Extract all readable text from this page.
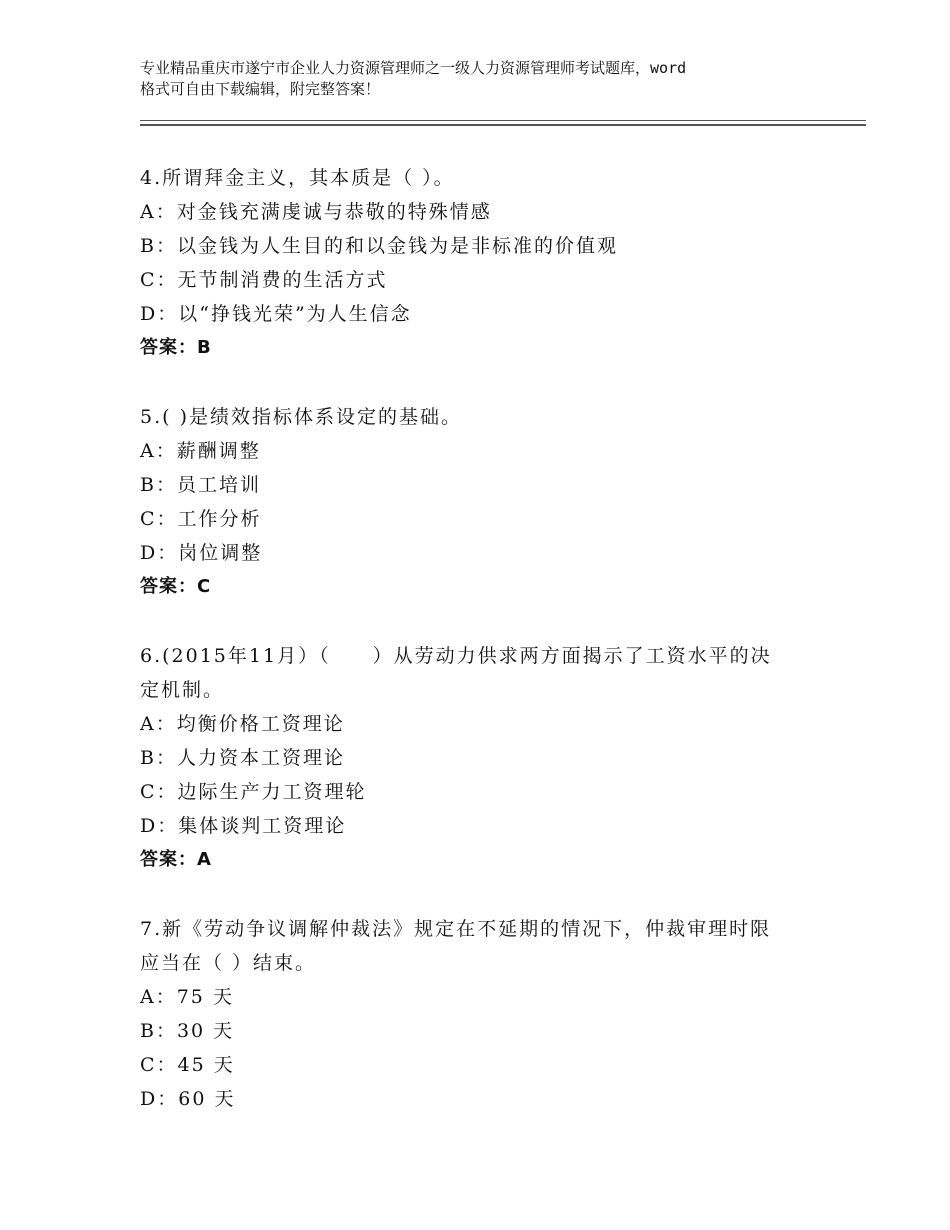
专业精品重庆市遂宁市企业人力资源管理师之一级人力资源管理师考试题库，word
格式可自由下载编辑，附完整答案！
4.所谓拜金主义，其本质是（ ）。
A：对金钱充满虔诚与恭敬的特殊情感
B：以金钱为人生目的和以金钱为是非标准的价值观
C：无节制消费的生活方式
D：以“挣钱光荣”为人生信念
答案：B
5.( )是绩效指标体系设定的基础。
A：薪酬调整
B：员工培训
C：工作分析
D：岗位调整
答案：C
6.(2015年11月）（　　）从劳动力供求两方面揭示了工资水平的决
定机制。
A：均衡价格工资理论
B：人力资本工资理论
C：边际生产力工资理轮
D：集体谈判工资理论
答案：A
7.新《劳动争议调解仲裁法》规定在不延期的情况下，仲裁审理时限
应当在（ ）结束。
A：75 天
B：30 天
C：45 天
D：60 天
